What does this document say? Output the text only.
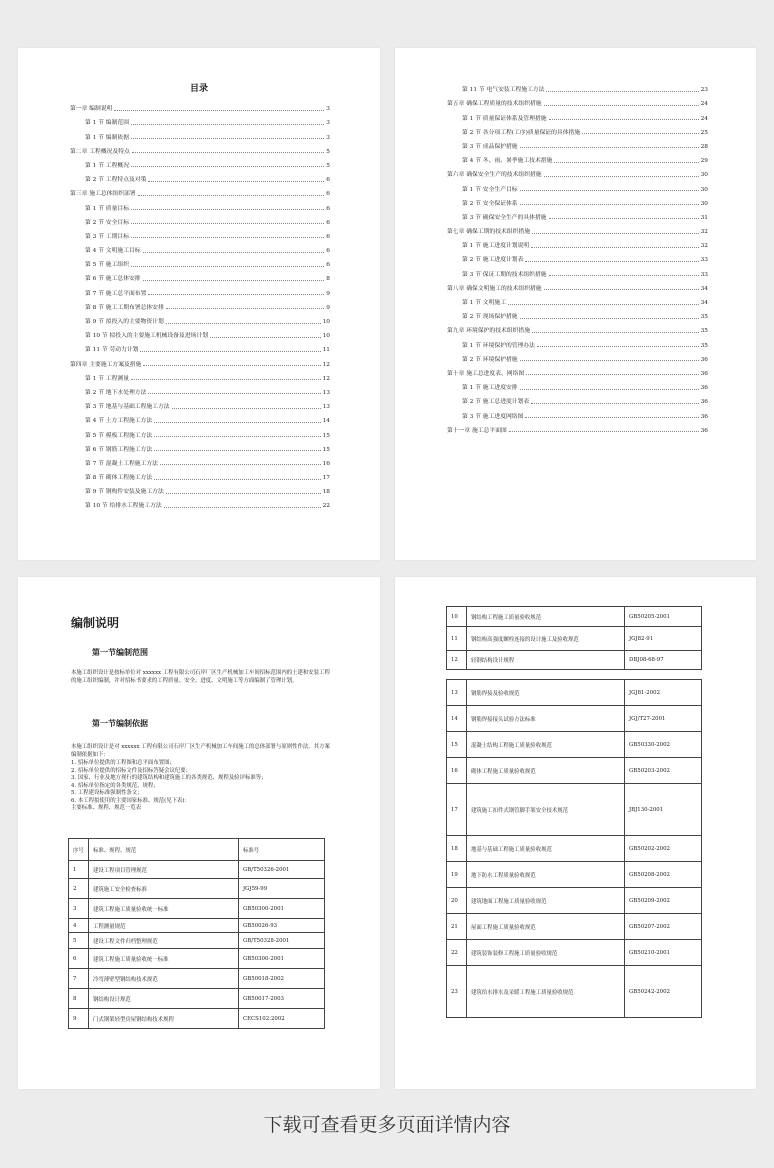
目录
第一章 编制说明	3
第 1 节 编制范围	3
第 1 节 编制依据	3
第二章 工程概况及特点	5
第 1 节 工程概况	5
第 2 节 工程特点及对策	6
第三章 施工总体组织部署	6
第 1 节 质量目标	6
第 2 节 安全目标	6
第 3 节 工期目标	6
第 4 节 文明施工目标	6
第 5 节 施工组织	6
第 6 节 施工总体安排	8
第 7 节 施工总平面布置	9
第 8 节 施工工期布署总体安排	9
第 9 节 拟投入的主要物资计划	10
第 10 节 拟投入的主要施工机械设备及进场计划	10
第 11 节 劳动力计划	11
第四章 主要施工方案及措施	12
第 1 节 工程测量	12
第 2 节 地下水处理方法	13
第 3 节 地基与基础工程施工方法	13
第 4 节 土方工程施工方法	14
第 5 节 模板工程施工方法	15
第 6 节 钢筋工程施工方法	15
第 7 节 混凝土工程施工方法	16
第 8 节 砌体工程施工方法	17
第 9 节 钢构件安装及施工方法	18
第 10 节 给排水工程施工方法	22
第 11 节 电气安装工程施工方法	23
第五章 确保工程质量的技术组织措施	24
第 1 节 质量保证体系及管理措施	24
第 2 节 各分项工程(工序)质量保证的具体措施	25
第 3 节 成品保护措施	28
第 4 节 冬、雨、暑季施工技术措施	29
第六章 确保安全生产的技术组织措施	30
第 1 节 安全生产目标	30
第 2 节 安全保证体系	30
第 3 节 确保安全生产的具体措施	31
第七章 确保工期的技术组织措施	32
第 1 节 施工进度计划说明	32
第 2 节 施工进度计划表	33
第 3 节 保证工期的技术组织措施	33
第八章 确保文明施工的技术组织措施	34
第 1 节 文明施工	34
第 2 节 现场保护措施	35
第九章 环境保护的技术组织措施	35
第 1 节 环境保护的管理办法	35
第 2 节 环境保护措施	36
第十章 施工总进度表、网络图	36
第 1 节 施工进度安排	36
第 2 节 施工总进度计划表	36
第 3 节 施工进度网络图	36
第十一章 施工总平面图	36
编制说明
第一节编制范围
本施工组织设计是按标单位对 xxxxxx 工程有限公司石岸厂区生产机械加工车间招标范围内的土建和安装工程的施工组织编制，并对招标书要求的工程质量、安全、进度、文明施工等方面编制了管理计划。
第一节编制依据
本施工组织设计是对 xxxxxx 工程有限公司石岸厂区生产机械加工车间施工的总体部署与原则性作法。其方案编制依据如下：
1. 招标单位提供的工程图和总平面布置图；
2. 招标单位提供的招标文件及招标答疑会议纪要；
3. 国家、行业及地方现行的建筑结构和建筑施工的各类规范、规程及验评标准等；
4. 招标单位指定的各类规范、规程；
5. 工程建设标准强制性条文；
6. 本工程拟使用的主要国家标准、规范(见下表)：
主要标准、规程、规范一览表
序号	标准、规程、规范	标准号
1	建设工程项目管理规范	GB/T50326-2001
2	建筑施工安全检查标准	JGJ59-99
3	建筑工程施工质量验收统一标准	GB50300-2001
4	工程测量规范	GB50026-93
5	建设工程文件归档整理规范	GB/T50328-2001
6	建筑工程施工质量验收统一标准	GB50300-2001
7	冷弯薄壁型钢结构技术规范	GB50018-2002
8	钢结构设计规范	GB50017-2003
9	门式钢架轻型房屋钢结构技术规程	CECS102:2002
10	钢结构工程施工质量验收规范	GB50205-2001
11	钢结构高强度螺栓连接的设计施工及验收规范	JGJ82-91
12	轻钢结构设计规程	DBJ08-68-97
13	钢筋焊接及验收规范	JGJ81-2002
14	钢筋焊接接头试验方法标准	JGJ/T27-2001
15	混凝土结构工程施工质量验收规范	GB50330-2002
16	砌体工程施工质量验收规范	GB50203-2002
17	建筑施工扣件式钢管脚手架安全技术规范	JBJ130-2001
18	地基与基础工程施工质量验收规范	GB50202-2002
19	地下防水工程质量验收规范	GB50208-2002
20	建筑地面工程施工质量验收规范	GB50209-2002
21	屋面工程施工质量验收规范	GB50207-2002
22	建筑装饰装修工程施工质量验收规范	GB50210-2001
23	建筑给水排水及采暖工程施工质量验收规范	GB50242-2002
下载可查看更多页面详情内容
